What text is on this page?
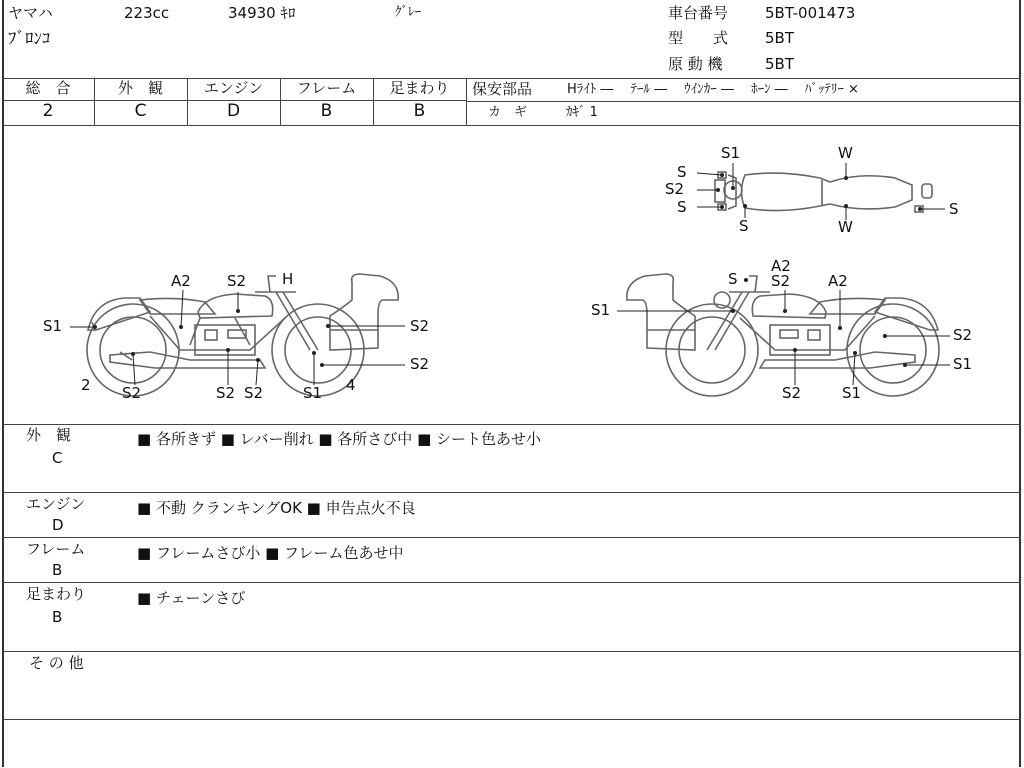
ヤマハ	223cc	34930 ｷﾛ	ｸﾞﾚｰ
ﾌﾞﾛﾝｺ
車台番号 5BT-001473
型　　式 5BT
原 動 機	5BT
総　合
2
外　観
C
エンジン
D
フレーム
B
足まわり
B
保安部品	Hﾗｲﾄ ―　 ﾃｰﾙ ―　 ｳｲﾝｶｰ ―　 ﾎｰﾝ ―　 ﾊﾞｯﾃﾘｰ ×
カ　ギ	ｶｷﾞ 1
S1	W
S
S2
S	S
S	W
A2 S2 H
S1	S2
S2
2	4
S2	S2 S2	S1
A2
S S2	A2
S1
S2
S1
S2	S1
外　観
C
■ 各所きず ■ レバー削れ ■ 各所さび中 ■ シート色あせ小
エンジン
D
■ 不動 クランキングOK ■ 申告点火不良
フレーム
B
■ フレームさび小 ■ フレーム色あせ中
足まわり
B
■ チェーンさび
そ の 他
